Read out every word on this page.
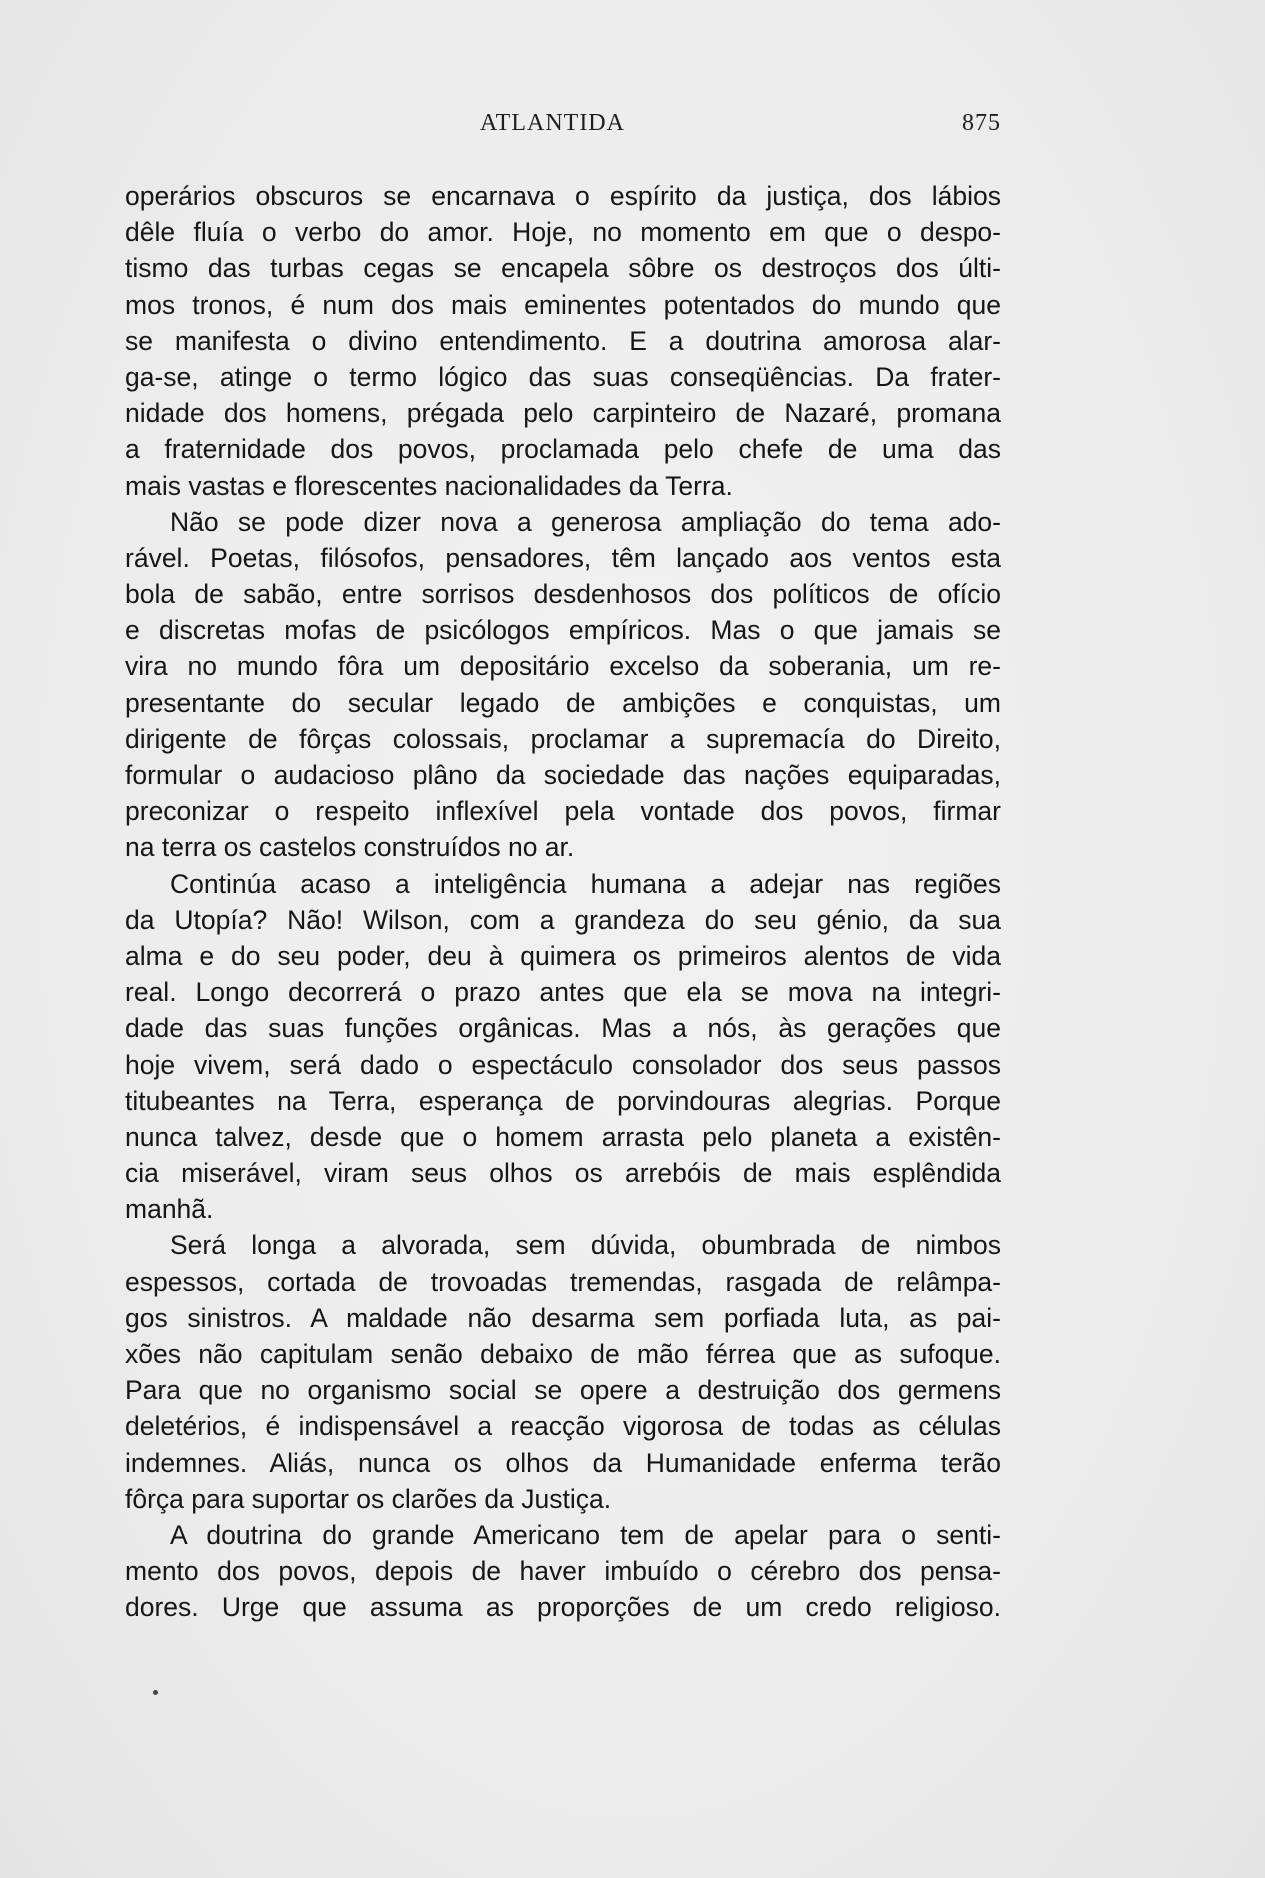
ATLANTIDA	875
operários obscuros se encarnava o espírito da justiça, dos lábios
dêle fluía o verbo do amor. Hoje, no momento em que o despo-
tismo das turbas cegas se encapela sôbre os destroços dos últi-
mos tronos, é num dos mais eminentes potentados do mundo que
se manifesta o divino entendimento. E a doutrina amorosa alar-
ga-se, atinge o termo lógico das suas conseqüências. Da frater-
nidade dos homens, prégada pelo carpinteiro de Nazaré, promana
a fraternidade dos povos, proclamada pelo chefe de uma das
mais vastas e florescentes nacionalidades da Terra.
Não se pode dizer nova a generosa ampliação do tema ado-
rável. Poetas, filósofos, pensadores, têm lançado aos ventos esta
bola de sabão, entre sorrisos desdenhosos dos políticos de ofício
e discretas mofas de psicólogos empíricos. Mas o que jamais se
vira no mundo fôra um depositário excelso da soberania, um re-
presentante do secular legado de ambições e conquistas, um
dirigente de fôrças colossais, proclamar a supremacía do Direito,
formular o audacioso plâno da sociedade das nações equiparadas,
preconizar o respeito inflexível pela vontade dos povos, firmar
na terra os castelos construídos no ar.
Continúa acaso a inteligência humana a adejar nas regiões
da Utopía? Não! Wilson, com a grandeza do seu génio, da sua
alma e do seu poder, deu à quimera os primeiros alentos de vida
real. Longo decorrerá o prazo antes que ela se mova na integri-
dade das suas funções orgânicas. Mas a nós, às gerações que
hoje vivem, será dado o espectáculo consolador dos seus passos
titubeantes na Terra, esperança de porvindouras alegrias. Porque
nunca talvez, desde que o homem arrasta pelo planeta a existên-
cia miserável, viram seus olhos os arrebóis de mais esplêndida
manhã.
Será longa a alvorada, sem dúvida, obumbrada de nimbos
espessos, cortada de trovoadas tremendas, rasgada de relâmpa-
gos sinistros. A maldade não desarma sem porfiada luta, as pai-
xões não capitulam senão debaixo de mão férrea que as sufoque.
Para que no organismo social se opere a destruição dos germens
deletérios, é indispensável a reacção vigorosa de todas as células
indemnes. Aliás, nunca os olhos da Humanidade enferma terão
fôrça para suportar os clarões da Justiça.
A doutrina do grande Americano tem de apelar para o senti-
mento dos povos, depois de haver imbuído o cérebro dos pensa-
dores. Urge que assuma as proporções de um credo religioso.
